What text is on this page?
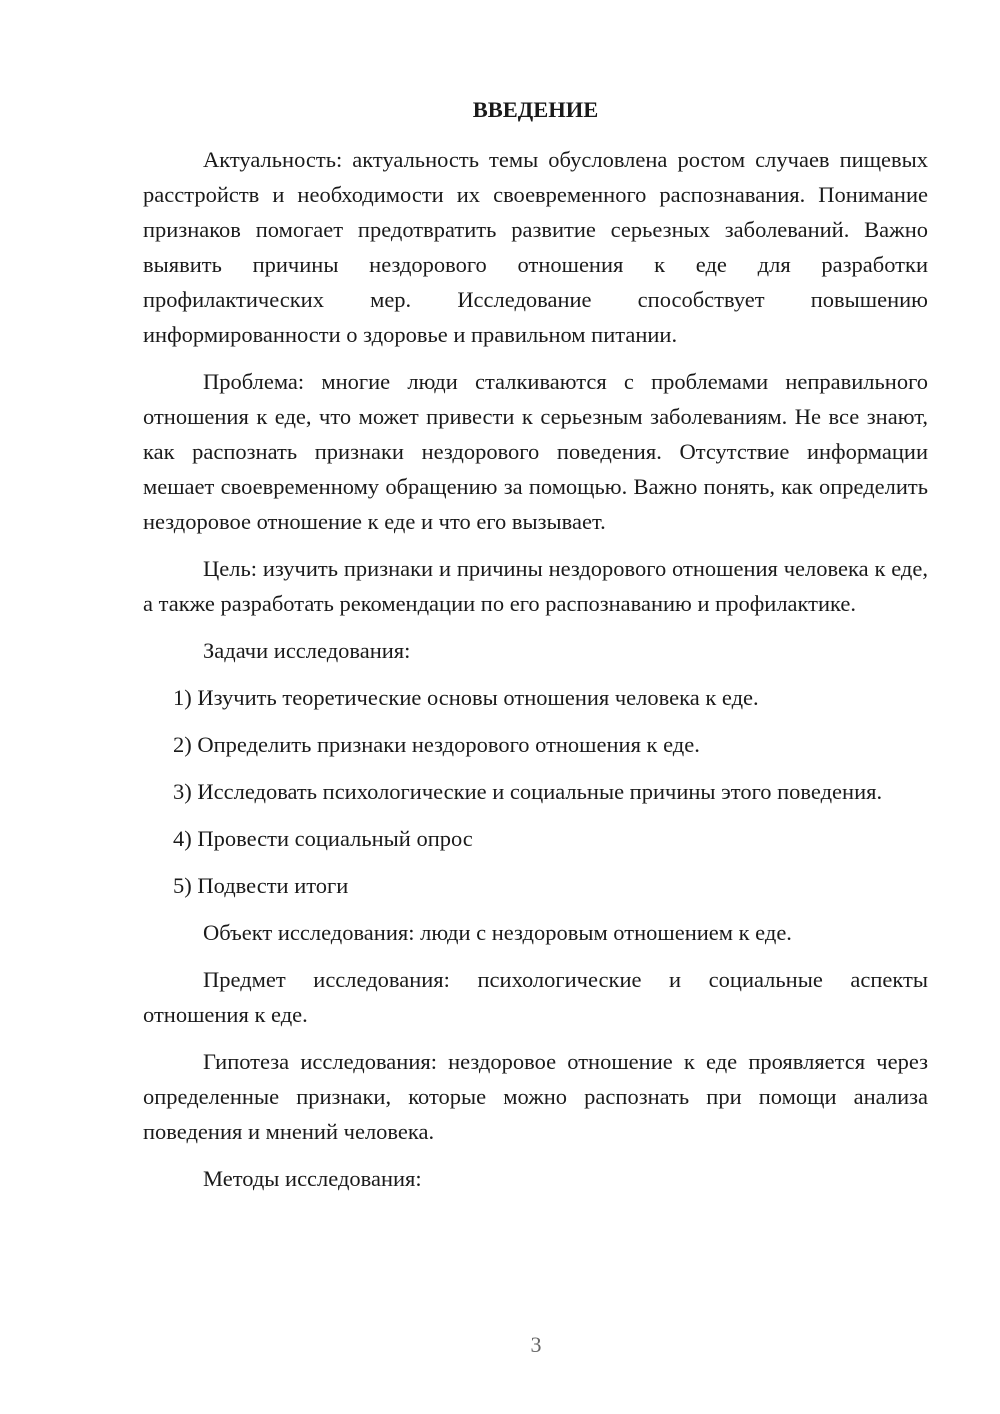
ВВЕДЕНИЕ

Актуальность: актуальность темы обусловлена ростом случаев пищевых расстройств и необходимости их своевременного распознавания. Понимание признаков помогает предотвратить развитие серьезных заболеваний. Важно выявить причины нездорового отношения к еде для разработки профилактических мер. Исследование способствует повышению информированности о здоровье и правильном питании.

Проблема: многие люди сталкиваются с проблемами неправильного отношения к еде, что может привести к серьезным заболеваниям. Не все знают, как распознать признаки нездорового поведения. Отсутствие информации мешает своевременному обращению за помощью. Важно понять, как определить нездоровое отношение к еде и что его вызывает.

Цель: изучить признаки и причины нездорового отношения человека к еде, а также разработать рекомендации по его распознаванию и профилактике.

Задачи исследования:

1) Изучить теоретические основы отношения человека к еде.

2) Определить признаки нездорового отношения к еде.

3) Исследовать психологические и социальные причины этого поведения.

4) Провести социальный опрос

5) Подвести итоги

Объект исследования: люди с нездоровым отношением к еде.

Предмет исследования: психологические и социальные аспекты отношения к еде.

Гипотеза исследования: нездоровое отношение к еде проявляется через определенные признаки, которые можно распознать при помощи анализа поведения и мнений человека.

Методы исследования:

3
